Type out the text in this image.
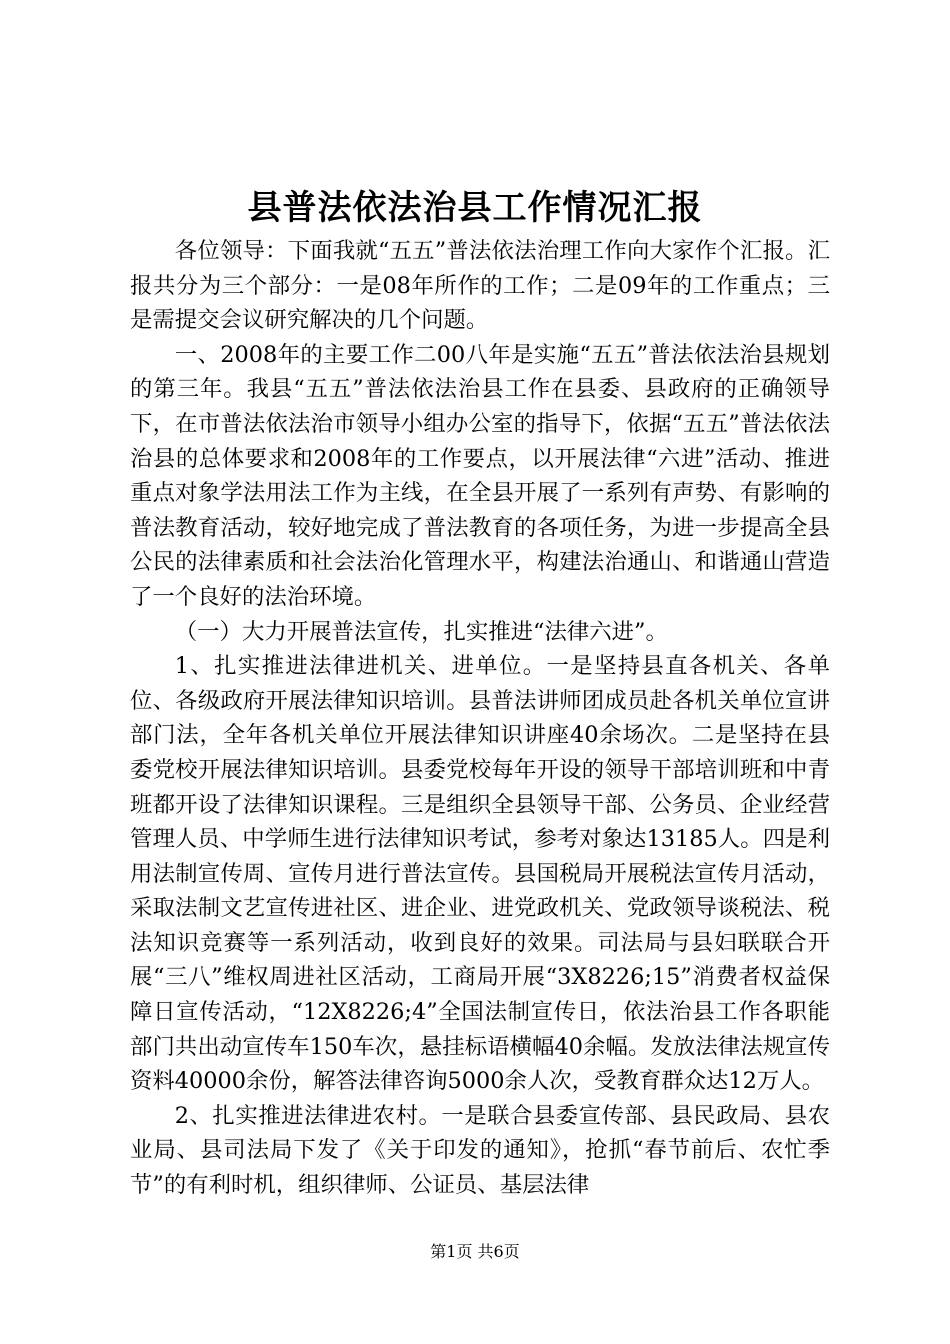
县普法依法治县工作情况汇报

各位领导：下面我就“五五”普法依法治理工作向大家作个汇报。汇报共分为三个部分：一是08年所作的工作；二是09年的工作重点；三是需提交会议研究解决的几个问题。

一、2008年的主要工作二00八年是实施“五五”普法依法治县规划的第三年。我县“五五”普法依法治县工作在县委、县政府的正确领导下，在市普法依法治市领导小组办公室的指导下，依据“五五”普法依法治县的总体要求和2008年的工作要点，以开展法律“六进”活动、推进重点对象学法用法工作为主线，在全县开展了一系列有声势、有影响的普法教育活动，较好地完成了普法教育的各项任务，为进一步提高全县公民的法律素质和社会法治化管理水平，构建法治通山、和谐通山营造了一个良好的法治环境。

（一）大力开展普法宣传，扎实推进“法律六进”。

1、扎实推进法律进机关、进单位。一是坚持县直各机关、各单位、各级政府开展法律知识培训。县普法讲师团成员赴各机关单位宣讲部门法，全年各机关单位开展法律知识讲座40余场次。二是坚持在县委党校开展法律知识培训。县委党校每年开设的领导干部培训班和中青班都开设了法律知识课程。三是组织全县领导干部、公务员、企业经营管理人员、中学师生进行法律知识考试，参考对象达13185人。四是利用法制宣传周、宣传月进行普法宣传。县国税局开展税法宣传月活动，采取法制文艺宣传进社区、进企业、进党政机关、党政领导谈税法、税法知识竞赛等一系列活动，收到良好的效果。司法局与县妇联联合开展“三八”维权周进社区活动，工商局开展“3X8226;15”消费者权益保障日宣传活动，“12X8226;4”全国法制宣传日，依法治县工作各职能部门共出动宣传车150车次，悬挂标语横幅40余幅。发放法律法规宣传资料40000余份，解答法律咨询5000余人次，受教育群众达12万人。

2、扎实推进法律进农村。一是联合县委宣传部、县民政局、县农业局、县司法局下发了《关于印发的通知》，抢抓“春节前后、农忙季节”的有利时机，组织律师、公证员、基层法律

第1页 共6页
